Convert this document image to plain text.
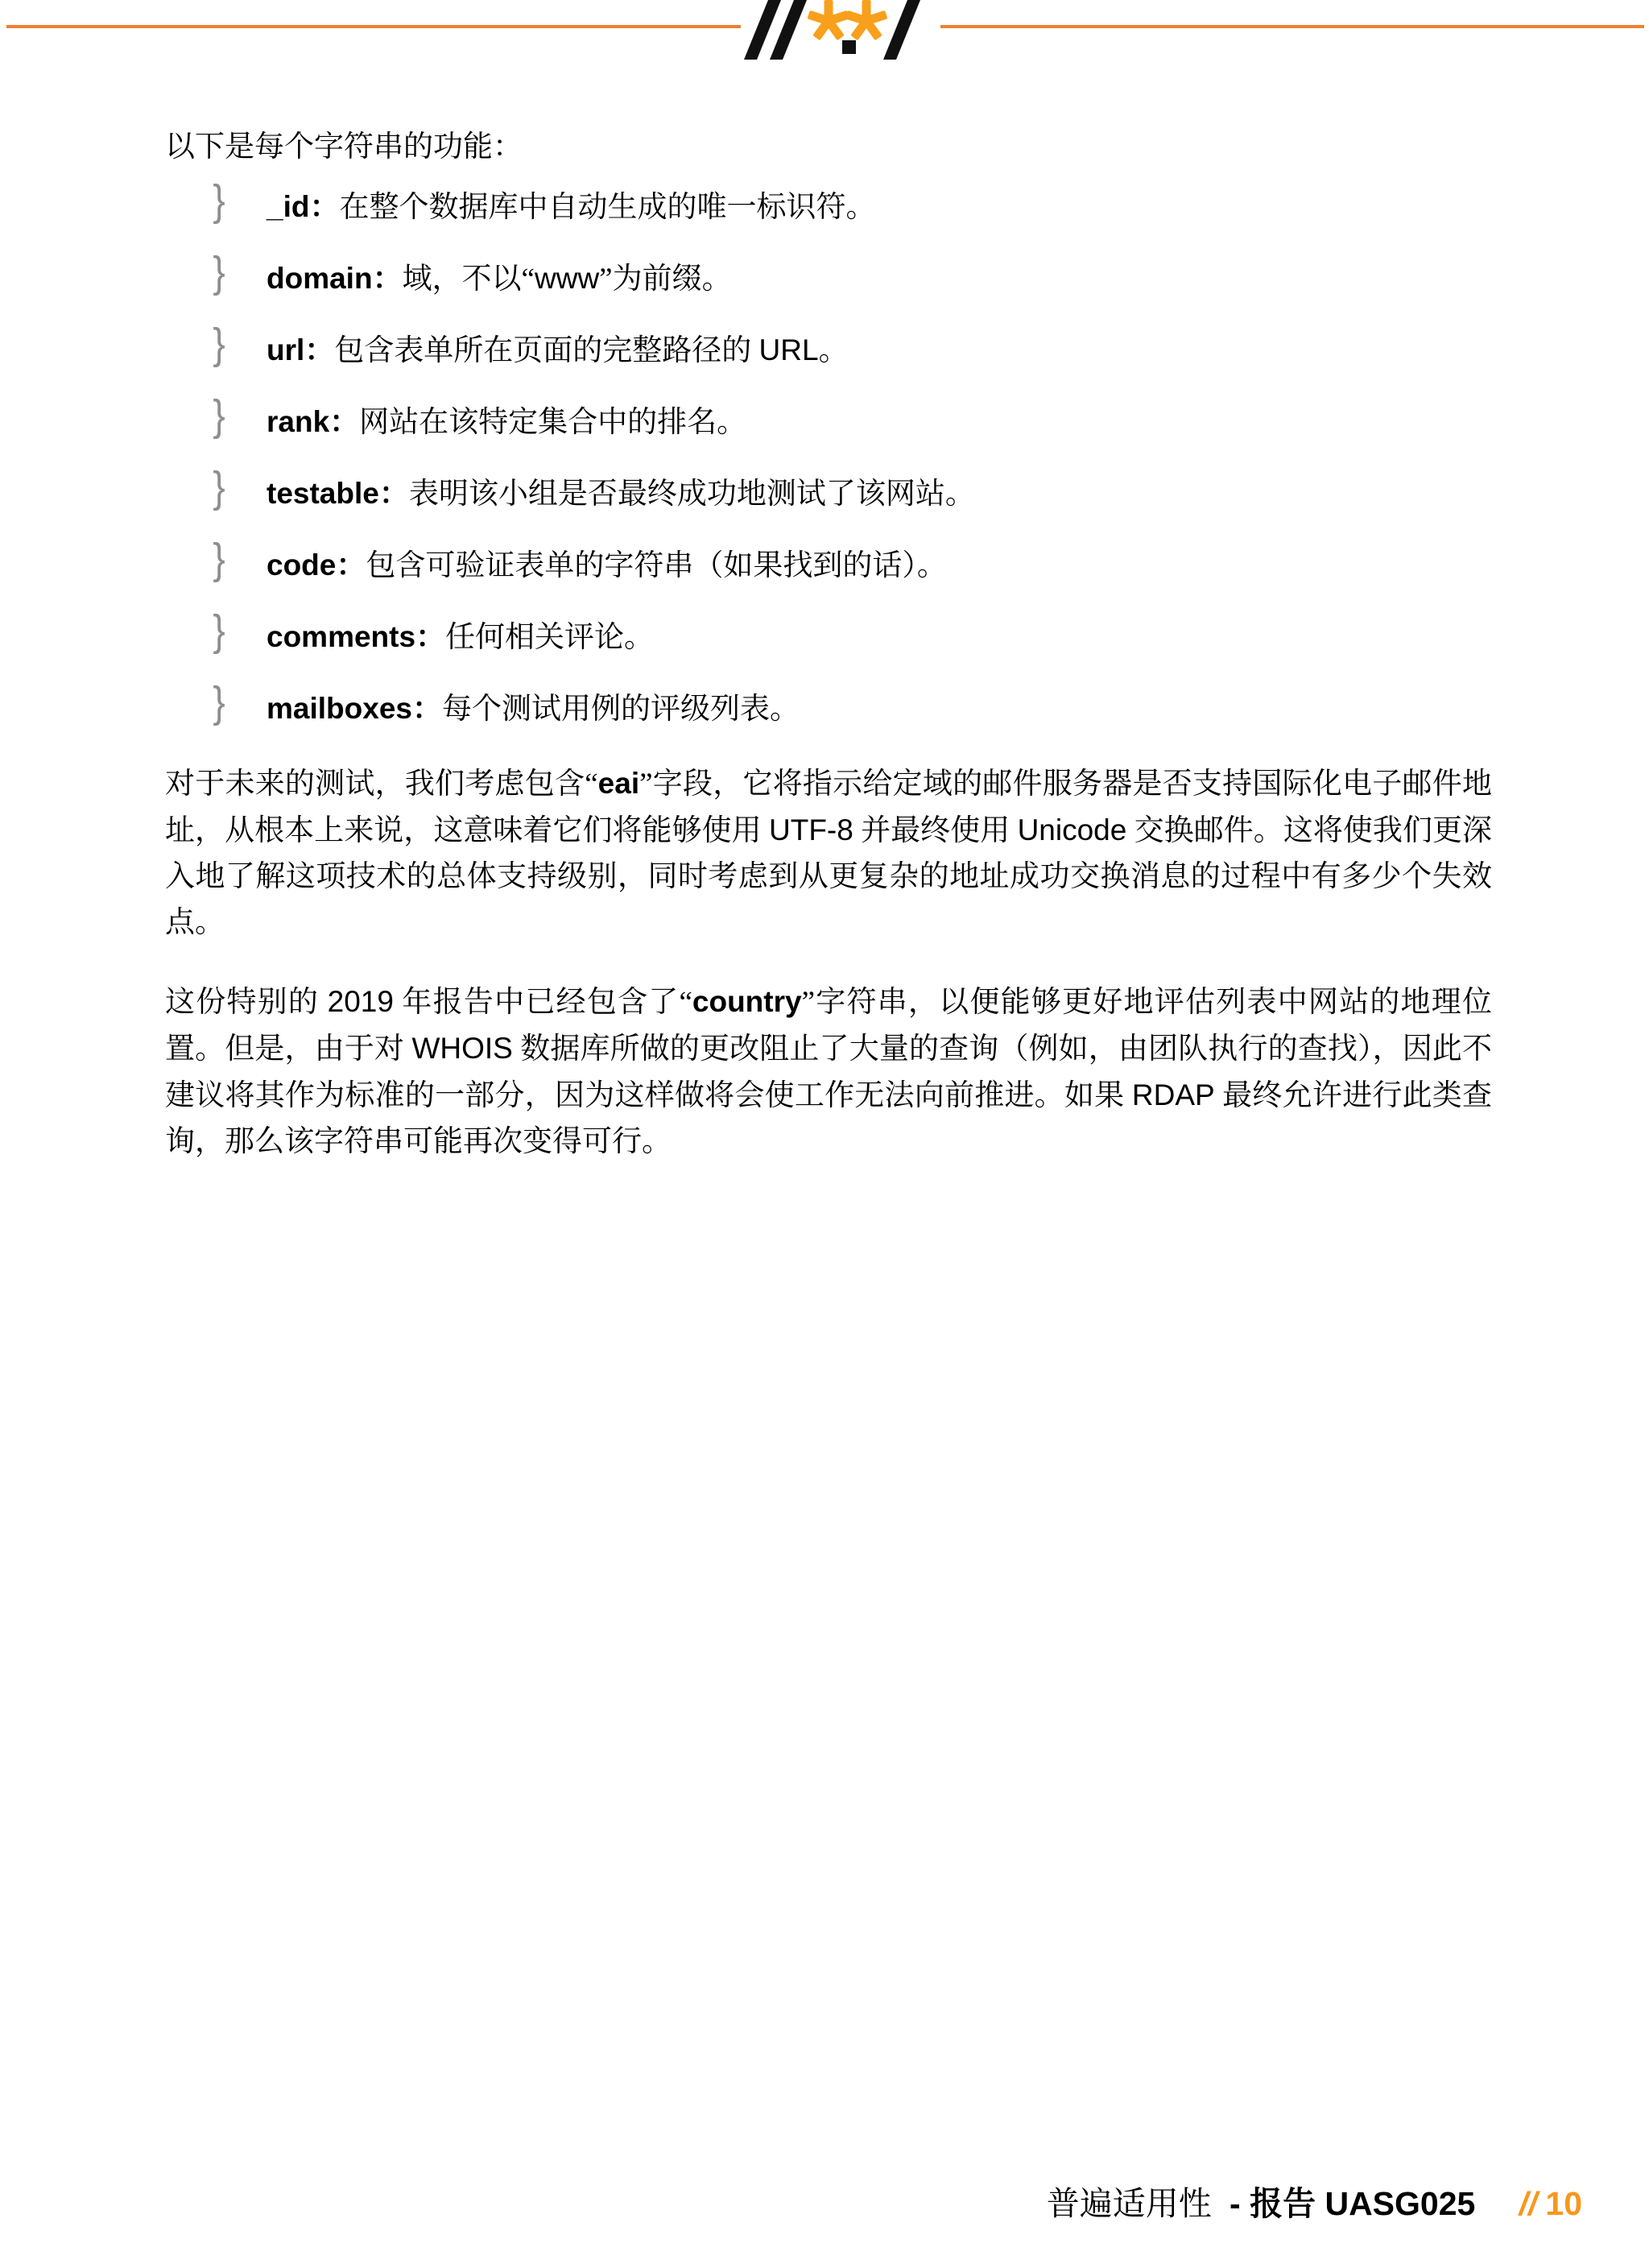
以下是每个字符串的功能：

} _id：在整个数据库中自动生成的唯一标识符。
} domain：域，不以“www”为前缀。
} url：包含表单所在页面的完整路径的 URL。
} rank：网站在该特定集合中的排名。
} testable：表明该小组是否最终成功地测试了该网站。
} code：包含可验证表单的字符串（如果找到的话）。
} comments：任何相关评论。
} mailboxes：每个测试用例的评级列表。

对于未来的测试，我们考虑包含“eai”字段，它将指示给定域的邮件服务器是否支持国际化电子邮件地址，从根本上来说，这意味着它们将能够使用 UTF-8 并最终使用 Unicode 交换邮件。这将使我们更深入地了解这项技术的总体支持级别，同时考虑到从更复杂的地址成功交换消息的过程中有多少个失效点。

这份特别的 2019 年报告中已经包含了“country”字符串，以便能够更好地评估列表中网站的地理位置。但是，由于对 WHOIS 数据库所做的更改阻止了大量的查询（例如，由团队执行的查找），因此不建议将其作为标准的一部分，因为这样做将会使工作无法向前推进。如果 RDAP 最终允许进行此类查询，那么该字符串可能再次变得可行。

普遍适用性 - 报告 UASG025 // 10
